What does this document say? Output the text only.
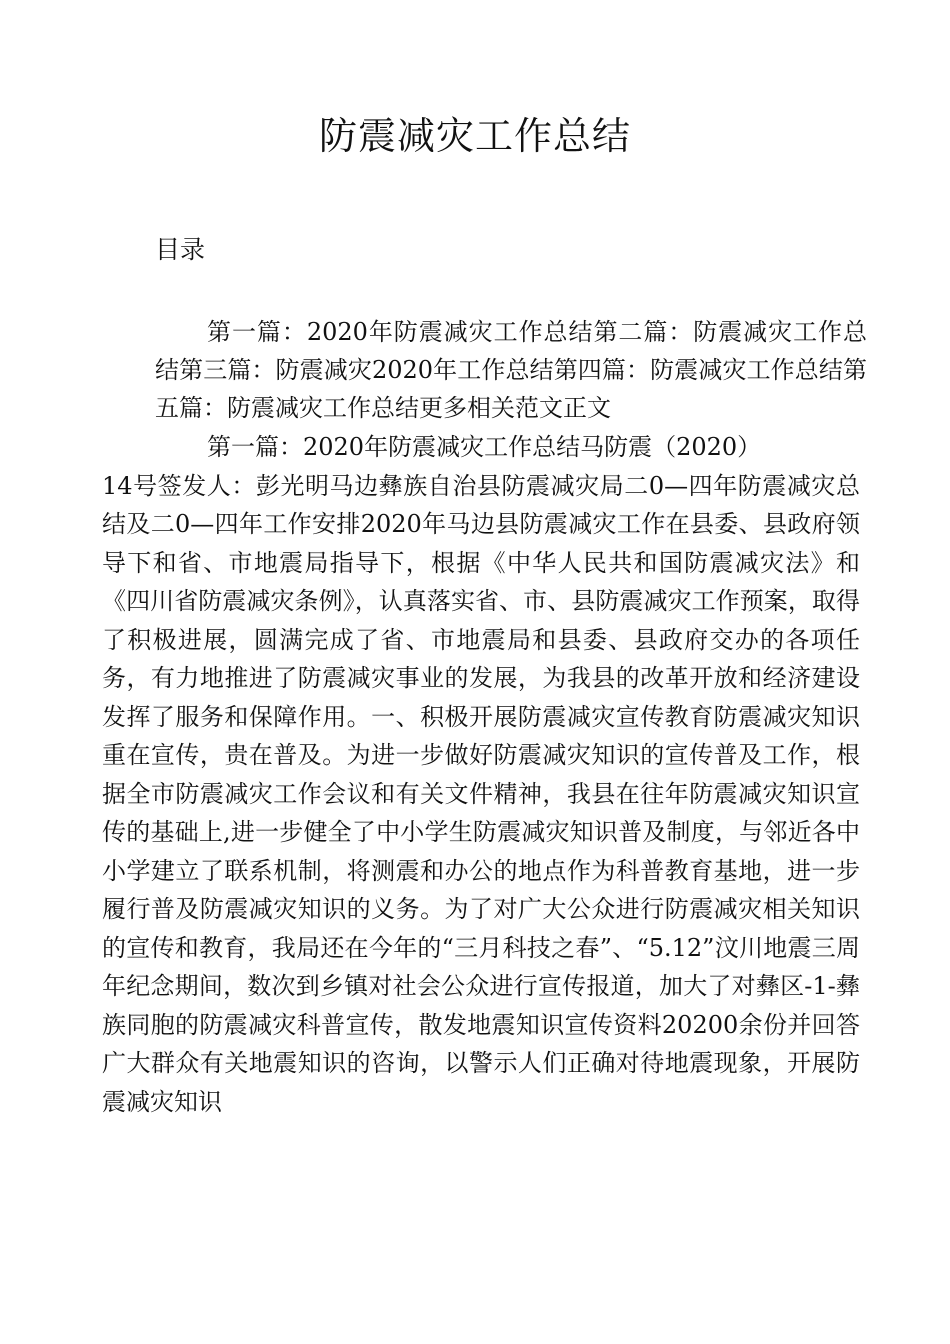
防震减灾工作总结
目录
第一篇：2020年防震减灾工作总结第二篇：防震减灾工作总结第三篇：防震减灾2020年工作总结第四篇：防震减灾工作总结第五篇：防震减灾工作总结更多相关范文正文
第一篇：2020年防震减灾工作总结马防震（2020）
14号签发人：彭光明马边彝族自治县防震减灾局二0—四年防震减灾总结及二0—四年工作安排2020年马边县防震减灾工作在县委、县政府领导下和省、市地震局指导下，根据《中华人民共和国防震减灾法》和《四川省防震减灾条例》，认真落实省、市、县防震减灾工作预案，取得了积极进展，圆满完成了省、市地震局和县委、县政府交办的各项任务，有力地推进了防震减灾事业的发展，为我县的改革开放和经济建设发挥了服务和保障作用。一、积极开展防震减灾宣传教育防震减灾知识重在宣传，贵在普及。为进一步做好防震减灾知识的宣传普及工作，根据全市防震减灾工作会议和有关文件精神，我县在往年防震减灾知识宣传的基础上,进一步健全了中小学生防震减灾知识普及制度，与邻近各中小学建立了联系机制，将测震和办公的地点作为科普教育基地，进一步履行普及防震减灾知识的义务。为了对广大公众进行防震减灾相关知识的宣传和教育，我局还在今年的“三月科技之春”、“5.12”汶川地震三周年纪念期间，数次到乡镇对社会公众进行宣传报道，加大了对彝区-1-彝族同胞的防震减灾科普宣传，散发地震知识宣传资料20200余份并回答广大群众有关地震知识的咨询，以警示人们正确对待地震现象，开展防震减灾知识
